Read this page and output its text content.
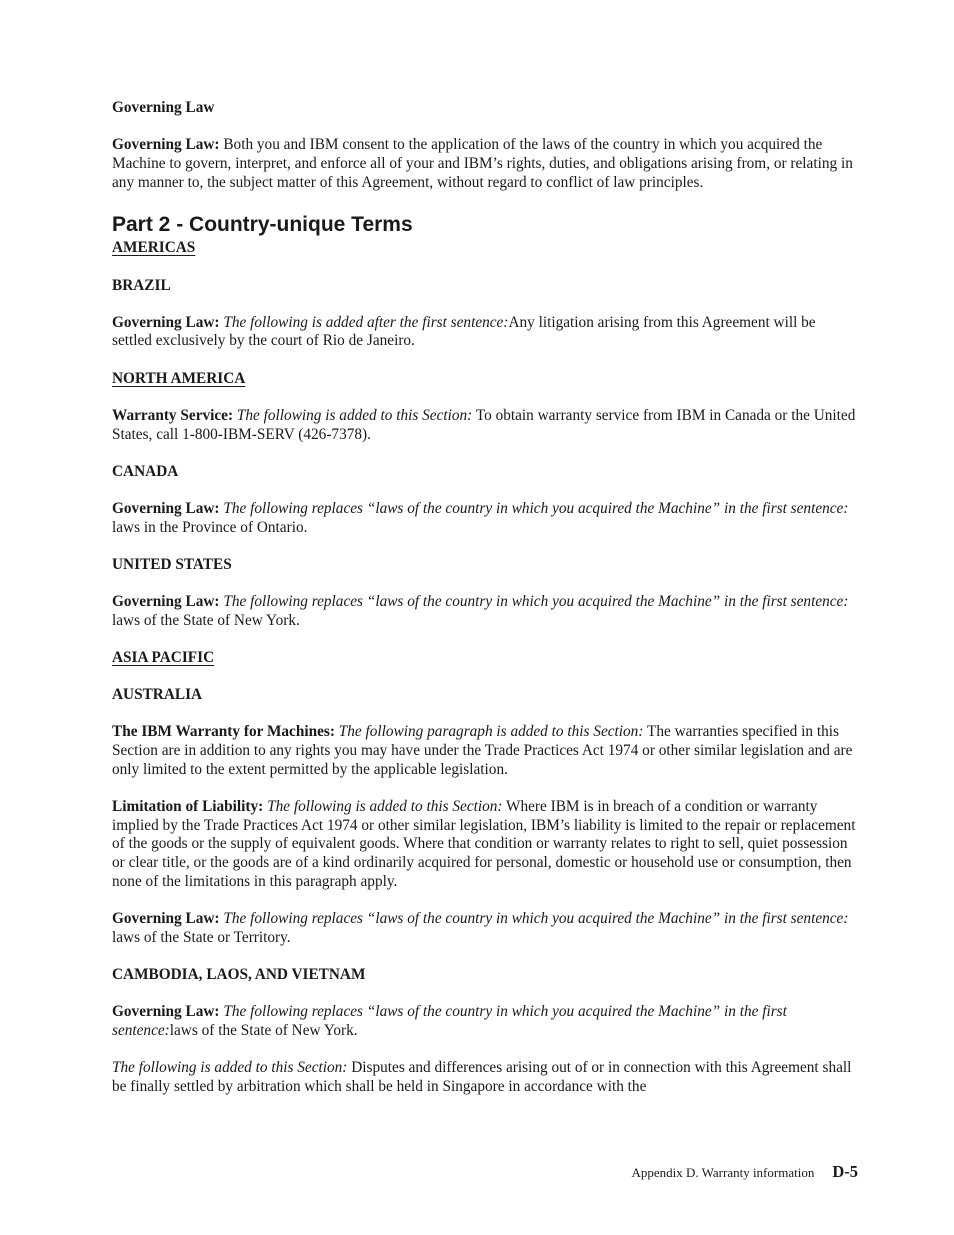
Governing Law

Governing Law: Both you and IBM consent to the application of the laws of the country in which you acquired the Machine to govern, interpret, and enforce all of your and IBM’s rights, duties, and obligations arising from, or relating in any manner to, the subject matter of this Agreement, without regard to conflict of law principles.

Part 2 - Country-unique Terms

AMERICAS

BRAZIL

Governing Law: The following is added after the first sentence:Any litigation arising from this Agreement will be settled exclusively by the court of Rio de Janeiro.

NORTH AMERICA

Warranty Service: The following is added to this Section: To obtain warranty service from IBM in Canada or the United States, call 1-800-IBM-SERV (426-7378).

CANADA

Governing Law: The following replaces “laws of the country in which you acquired the Machine” in the first sentence: laws in the Province of Ontario.

UNITED STATES

Governing Law: The following replaces “laws of the country in which you acquired the Machine” in the first sentence: laws of the State of New York.

ASIA PACIFIC

AUSTRALIA

The IBM Warranty for Machines: The following paragraph is added to this Section: The warranties specified in this Section are in addition to any rights you may have under the Trade Practices Act 1974 or other similar legislation and are only limited to the extent permitted by the applicable legislation.

Limitation of Liability: The following is added to this Section: Where IBM is in breach of a condition or warranty implied by the Trade Practices Act 1974 or other similar legislation, IBM’s liability is limited to the repair or replacement of the goods or the supply of equivalent goods. Where that condition or warranty relates to right to sell, quiet possession or clear title, or the goods are of a kind ordinarily acquired for personal, domestic or household use or consumption, then none of the limitations in this paragraph apply.

Governing Law: The following replaces “laws of the country in which you acquired the Machine” in the first sentence: laws of the State or Territory.

CAMBODIA, LAOS, AND VIETNAM

Governing Law: The following replaces “laws of the country in which you acquired the Machine” in the first sentence:laws of the State of New York.

The following is added to this Section: Disputes and differences arising out of or in connection with this Agreement shall be finally settled by arbitration which shall be held in Singapore in accordance with the

Appendix D. Warranty information D-5
